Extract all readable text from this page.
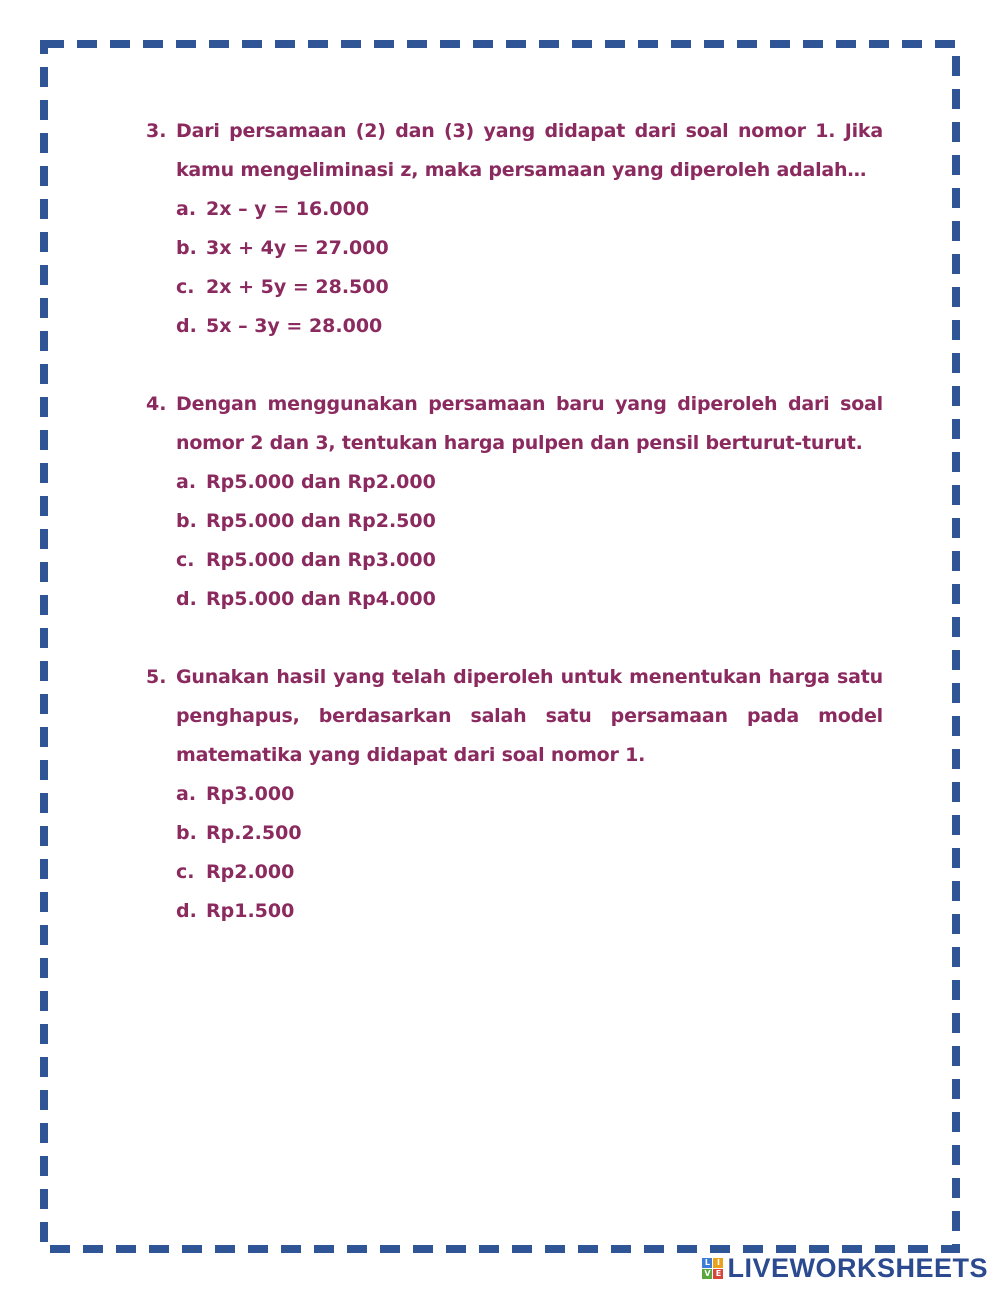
3. Dari persamaan (2) dan (3) yang didapat dari soal nomor 1. Jika kamu mengeliminasi z, maka persamaan yang diperoleh adalah…
a. 2x – y = 16.000
b. 3x + 4y = 27.000
c. 2x + 5y = 28.500
d. 5x – 3y = 28.000
4. Dengan menggunakan persamaan baru yang diperoleh dari soal nomor 2 dan 3, tentukan harga pulpen dan pensil berturut-turut.
a. Rp5.000 dan Rp2.000
b. Rp5.000 dan Rp2.500
c. Rp5.000 dan Rp3.000
d. Rp5.000 dan Rp4.000
5. Gunakan hasil yang telah diperoleh untuk menentukan harga satu penghapus, berdasarkan salah satu persamaan pada model matematika yang didapat dari soal nomor 1.
a. Rp3.000
b. Rp.2.500
c. Rp2.000
d. Rp1.500
L I
V E LIVEWORKSHEETS
